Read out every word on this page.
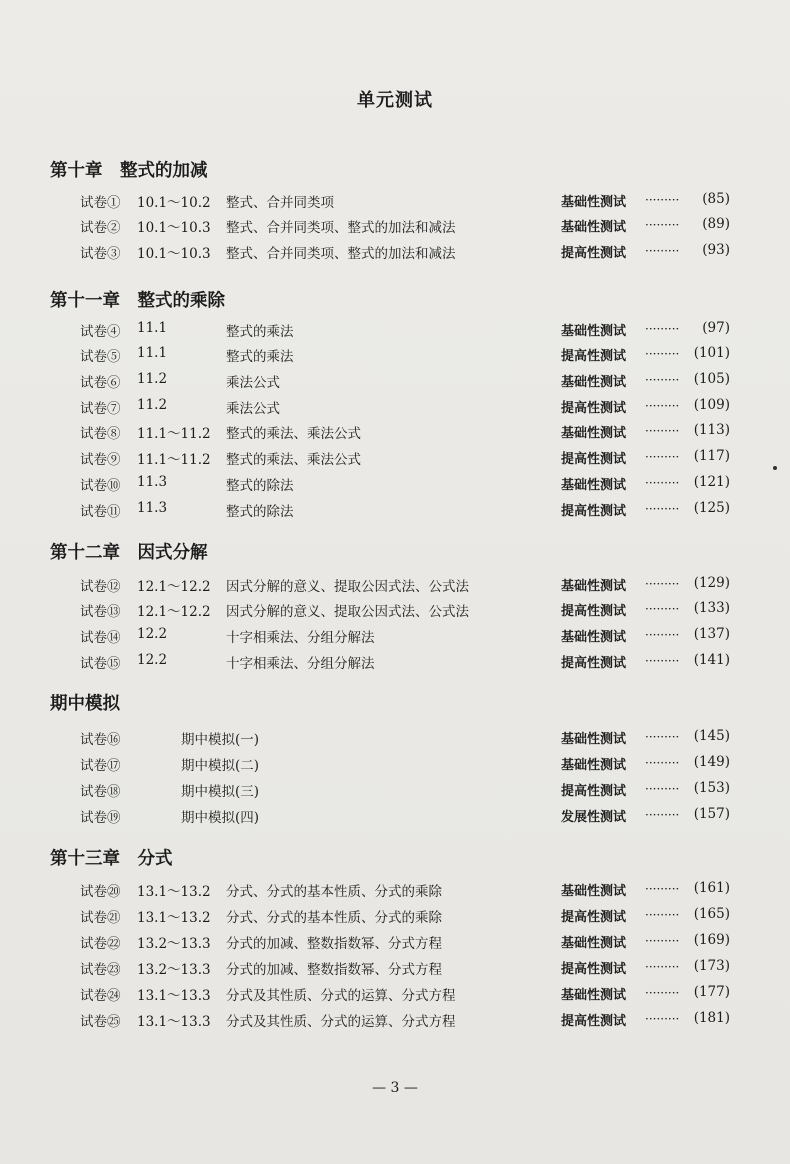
单元测试
第十章　整式的加减
试卷① 10.1～10.2 整式、合并同类项	基础性测试 ········· (85)
试卷② 10.1～10.3 整式、合并同类项、整式的加法和减法	基础性测试 ········· (89)
试卷③ 10.1～10.3 整式、合并同类项、整式的加法和减法	提高性测试 ········· (93)
第十一章　整式的乘除
试卷④ 11.1	整式的乘法	基础性测试 ········· (97)
试卷⑤ 11.1	整式的乘法	提高性测试 ········· (101)
试卷⑥ 11.2	乘法公式	基础性测试 ········· (105)
试卷⑦ 11.2	乘法公式	提高性测试 ········· (109)
试卷⑧ 11.1～11.2 整式的乘法、乘法公式	基础性测试 ········· (113)
试卷⑨ 11.1～11.2 整式的乘法、乘法公式	提高性测试 ········· (117)
试卷⑩ 11.3	整式的除法	基础性测试 ········· (121)
试卷⑪ 11.3	整式的除法	提高性测试 ········· (125)
第十二章　因式分解
试卷⑫ 12.1～12.2 因式分解的意义、提取公因式法、公式法	基础性测试 ········· (129)
试卷⑬ 12.1～12.2 因式分解的意义、提取公因式法、公式法	提高性测试 ········· (133)
试卷⑭ 12.2	十字相乘法、分组分解法	基础性测试 ········· (137)
试卷⑮ 12.2	十字相乘法、分组分解法	提高性测试 ········· (141)
期中模拟
试卷⑯	期中模拟(一)	基础性测试 ········· (145)
试卷⑰	期中模拟(二)	基础性测试 ········· (149)
试卷⑱	期中模拟(三)	提高性测试 ········· (153)
试卷⑲	期中模拟(四)	发展性测试 ········· (157)
第十三章　分式
试卷⑳ 13.1～13.2 分式、分式的基本性质、分式的乘除	基础性测试 ········· (161)
试卷㉑ 13.1～13.2 分式、分式的基本性质、分式的乘除	提高性测试 ········· (165)
试卷㉒ 13.2～13.3 分式的加减、整数指数幂、分式方程	基础性测试 ········· (169)
试卷㉓ 13.2～13.3 分式的加减、整数指数幂、分式方程	提高性测试 ········· (173)
试卷㉔ 13.1～13.3 分式及其性质、分式的运算、分式方程	基础性测试 ········· (177)
试卷㉕ 13.1～13.3 分式及其性质、分式的运算、分式方程	提高性测试 ········· (181)
— 3 —
